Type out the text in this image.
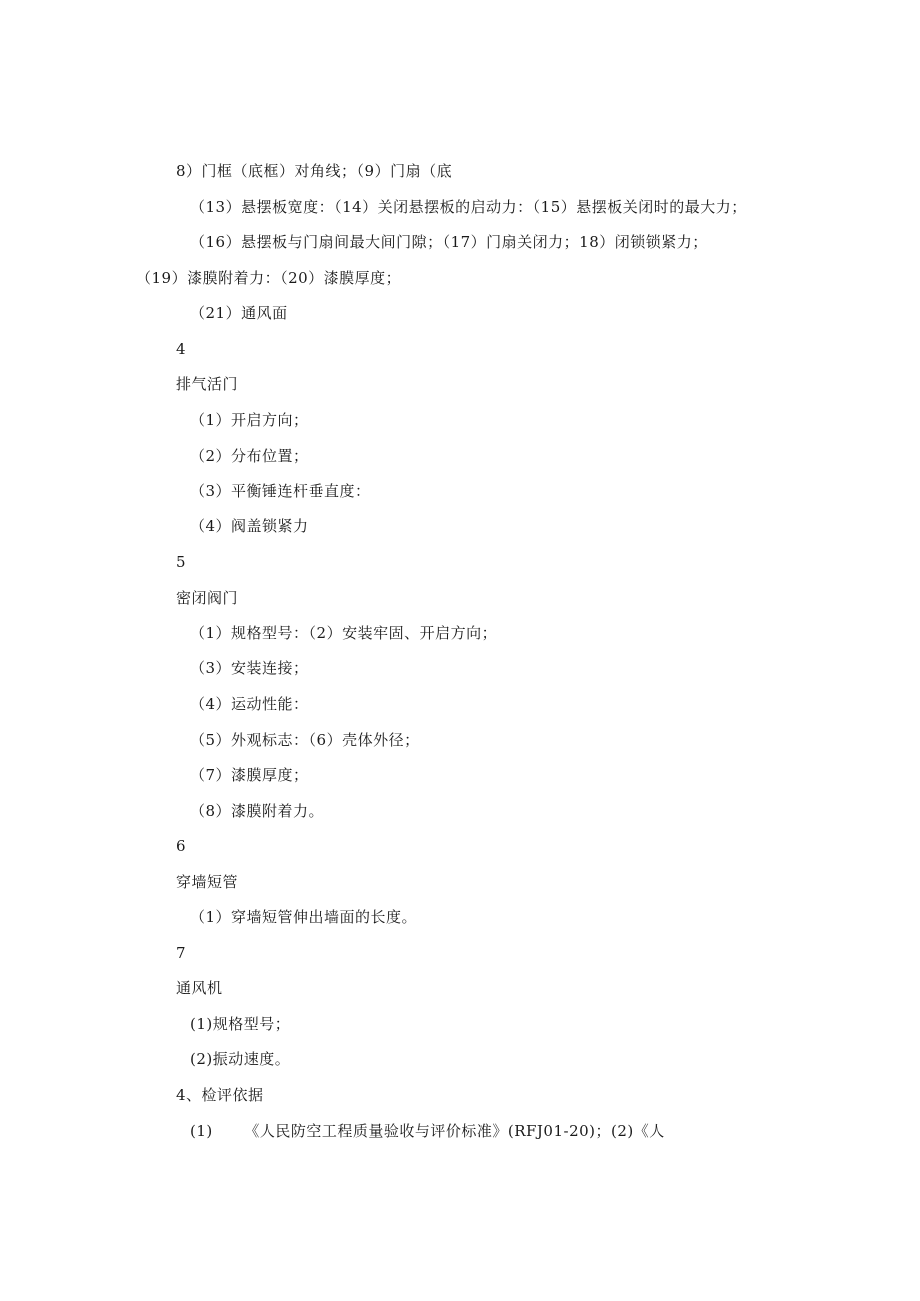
8）门框（底框）对角线；（9）门扇（底
（13）悬摆板宽度：（14）关闭悬摆板的启动力：（15）悬摆板关闭时的最大力；
（16）悬摆板与门扇间最大间门隙；（17）门扇关闭力；18）闭锁锁紧力；
（19）漆膜附着力：（20）漆膜厚度；
（21）通风面
4
排气活门
（1）开启方向；
（2）分布位置；
（3）平衡锤连杆垂直度：
（4）阀盖锁紧力
5
密闭阀门
（1）规格型号：（2）安装牢固、开启方向；
（3）安装连接；
（4）运动性能：
（5）外观标志：（6）壳体外径；
（7）漆膜厚度；
（8）漆膜附着力。
6
穿墙短管
（1）穿墙短管伸出墙面的长度。
7
通风机
(1)规格型号；
(2)振动速度。
4、检评依据
(1)      《人民防空工程质量验收与评价标准》(RFJ01-20)；(2)《人
